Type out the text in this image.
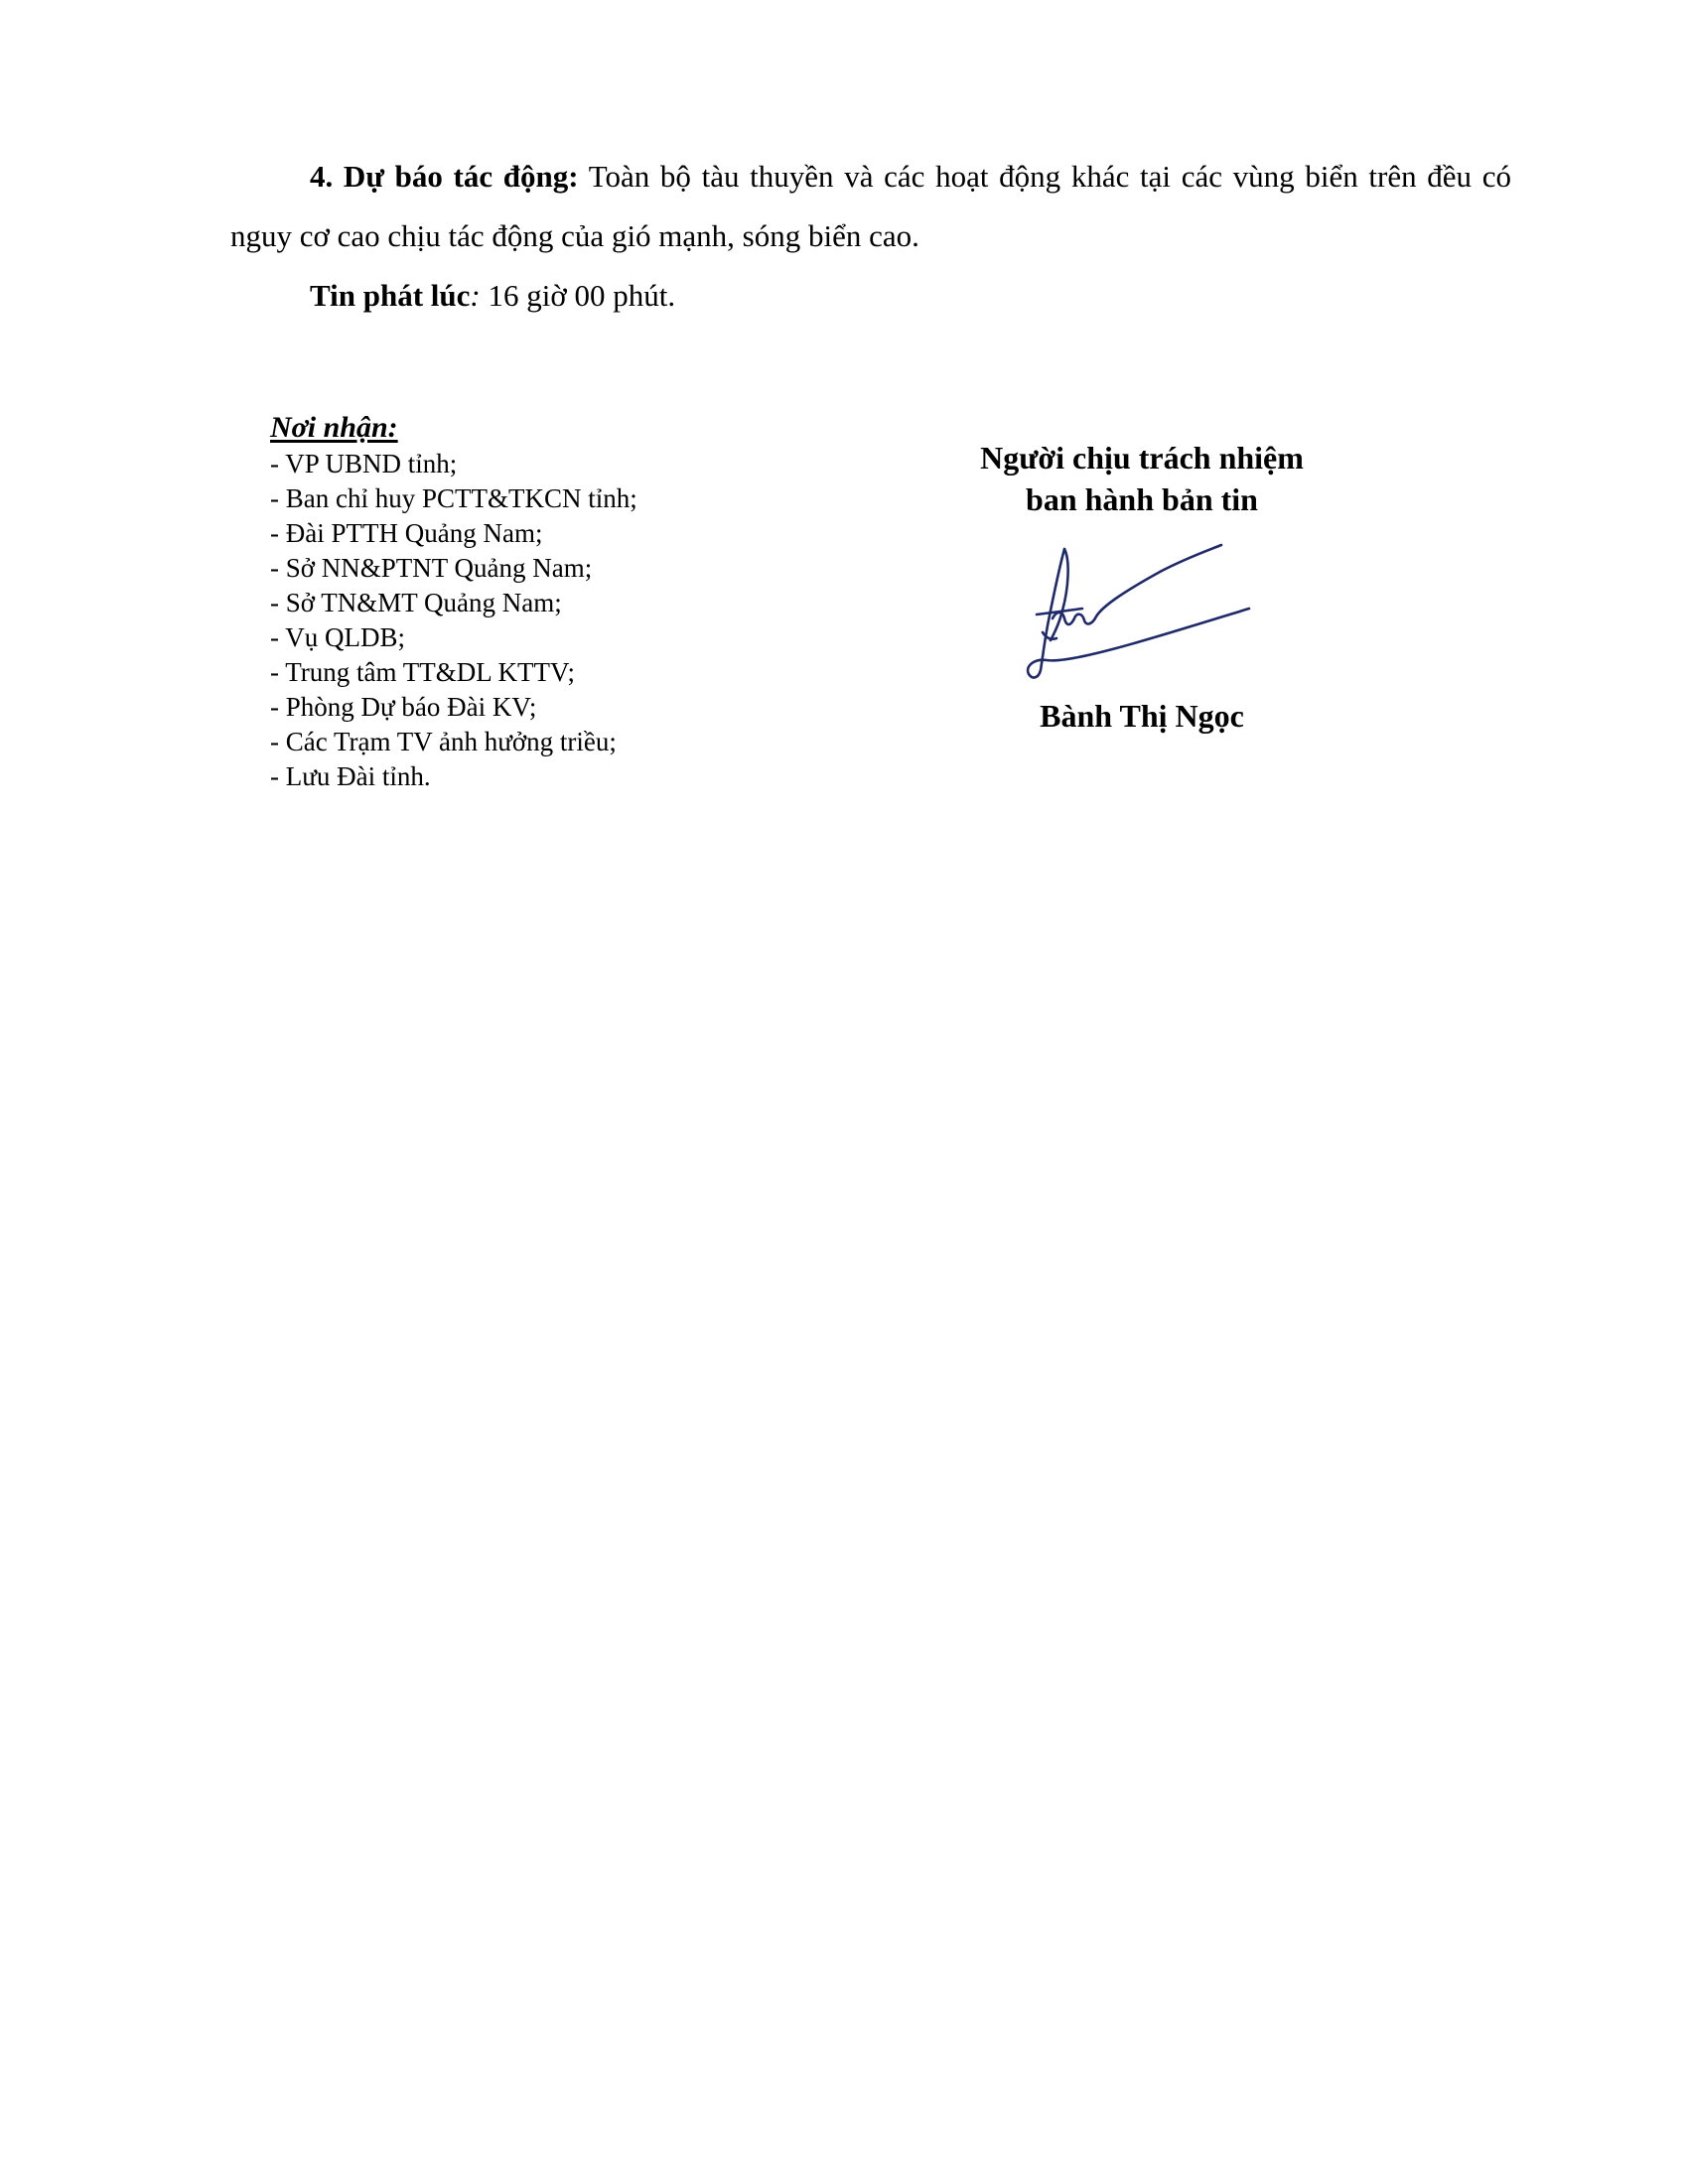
4. Dự báo tác động: Toàn bộ tàu thuyền và các hoạt động khác tại các vùng biển trên đều có nguy cơ cao chịu tác động của gió mạnh, sóng biển cao.

Tin phát lúc: 16 giờ 00 phút.

Nơi nhận:
- VP UBND tỉnh;
- Ban chỉ huy PCTT&TKCN tỉnh;
- Đài PTTH Quảng Nam;
- Sở NN&PTNT Quảng Nam;
- Sở TN&MT Quảng Nam;
- Vụ QLDB;
- Trung tâm TT&DL KTTV;
- Phòng Dự báo Đài KV;
- Các Trạm TV ảnh hưởng triều;
- Lưu Đài tỉnh.
Người chịu trách nhiệm
ban hành bản tin
Bành Thị Ngọc
